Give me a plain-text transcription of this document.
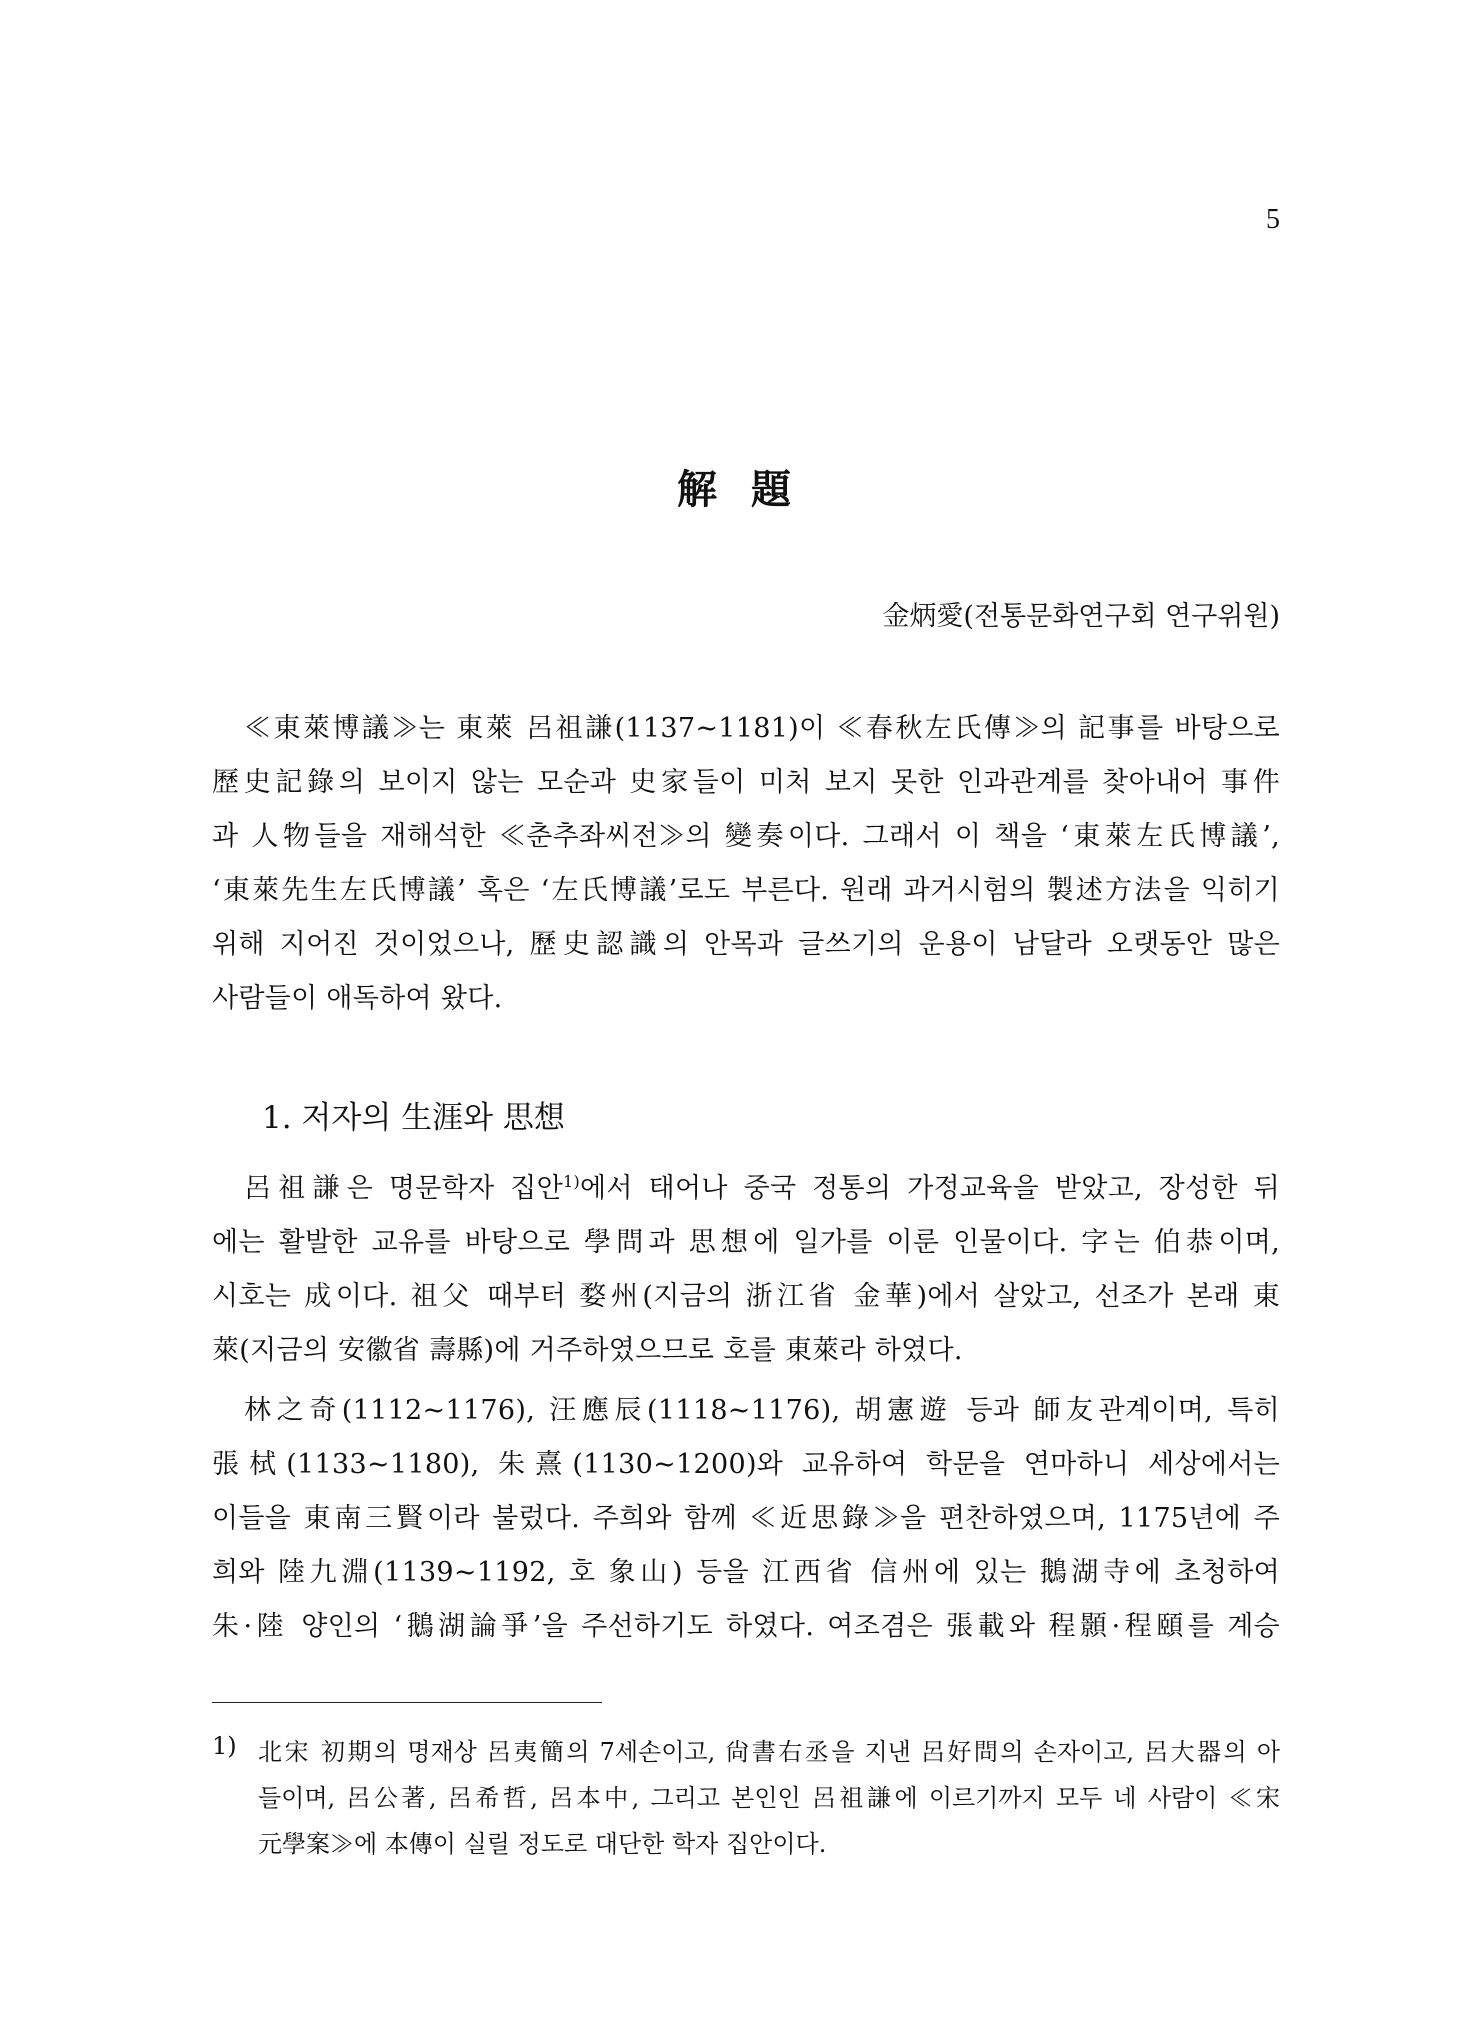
5
解 題
金炳愛(전통문화연구회 연구위원)
≪東萊博議≫는 東萊 呂祖謙(1137~1181)이 ≪春秋左氏傳≫의 記事를 바탕으로
歷史記錄의 보이지 않는 모순과 史家들이 미처 보지 못한 인과관계를 찾아내어 事件
과 人物들을 재해석한 ≪춘추좌씨전≫의 變奏이다. 그래서 이 책을 ‘東萊左氏博議’,
‘東萊先生左氏博議’ 혹은 ‘左氏博議’로도 부른다. 원래 과거시험의 製述方法을 익히기
위해 지어진 것이었으나, 歷史認識의 안목과 글쓰기의 운용이 남달라 오랫동안 많은
사람들이 애독하여 왔다.
1. 저자의 生涯와 思想
呂祖謙은 명문학자 집안$^{1)}$에서 태어나 중국 정통의 가정교육을 받았고, 장성한 뒤
에는 활발한 교유를 바탕으로 學問과 思想에 일가를 이룬 인물이다. 字는 伯恭이며,
시호는 成이다. 祖父 때부터 婺州(지금의 浙江省 金華)에서 살았고, 선조가 본래 東
萊(지금의 安徽省 壽縣)에 거주하였으므로 호를 東萊라 하였다.
林之奇(1112~1176), 汪應辰(1118~1176), 胡憲遊 등과 師友관계이며, 특히
張栻(1133~1180), 朱熹(1130~1200)와 교유하여 학문을 연마하니 세상에서는
이들을 東南三賢이라 불렀다. 주희와 함께 ≪近思錄≫을 편찬하였으며, 1175년에 주
희와 陸九淵(1139~1192, 호 象山) 등을 江西省 信州에 있는 鵝湖寺에 초청하여
朱·陸 양인의 ‘鵝湖論爭’을 주선하기도 하였다. 여조겸은 張載와 程顥·程頤를 계승
1) 北宋 初期의 명재상 呂夷簡의 7세손이고, 尙書右丞을 지낸 呂好問의 손자이고, 呂大器의 아
들이며, 呂公著, 呂希哲, 呂本中, 그리고 본인인 呂祖謙에 이르기까지 모두 네 사람이 ≪宋
元學案≫에 本傳이 실릴 정도로 대단한 학자 집안이다.
